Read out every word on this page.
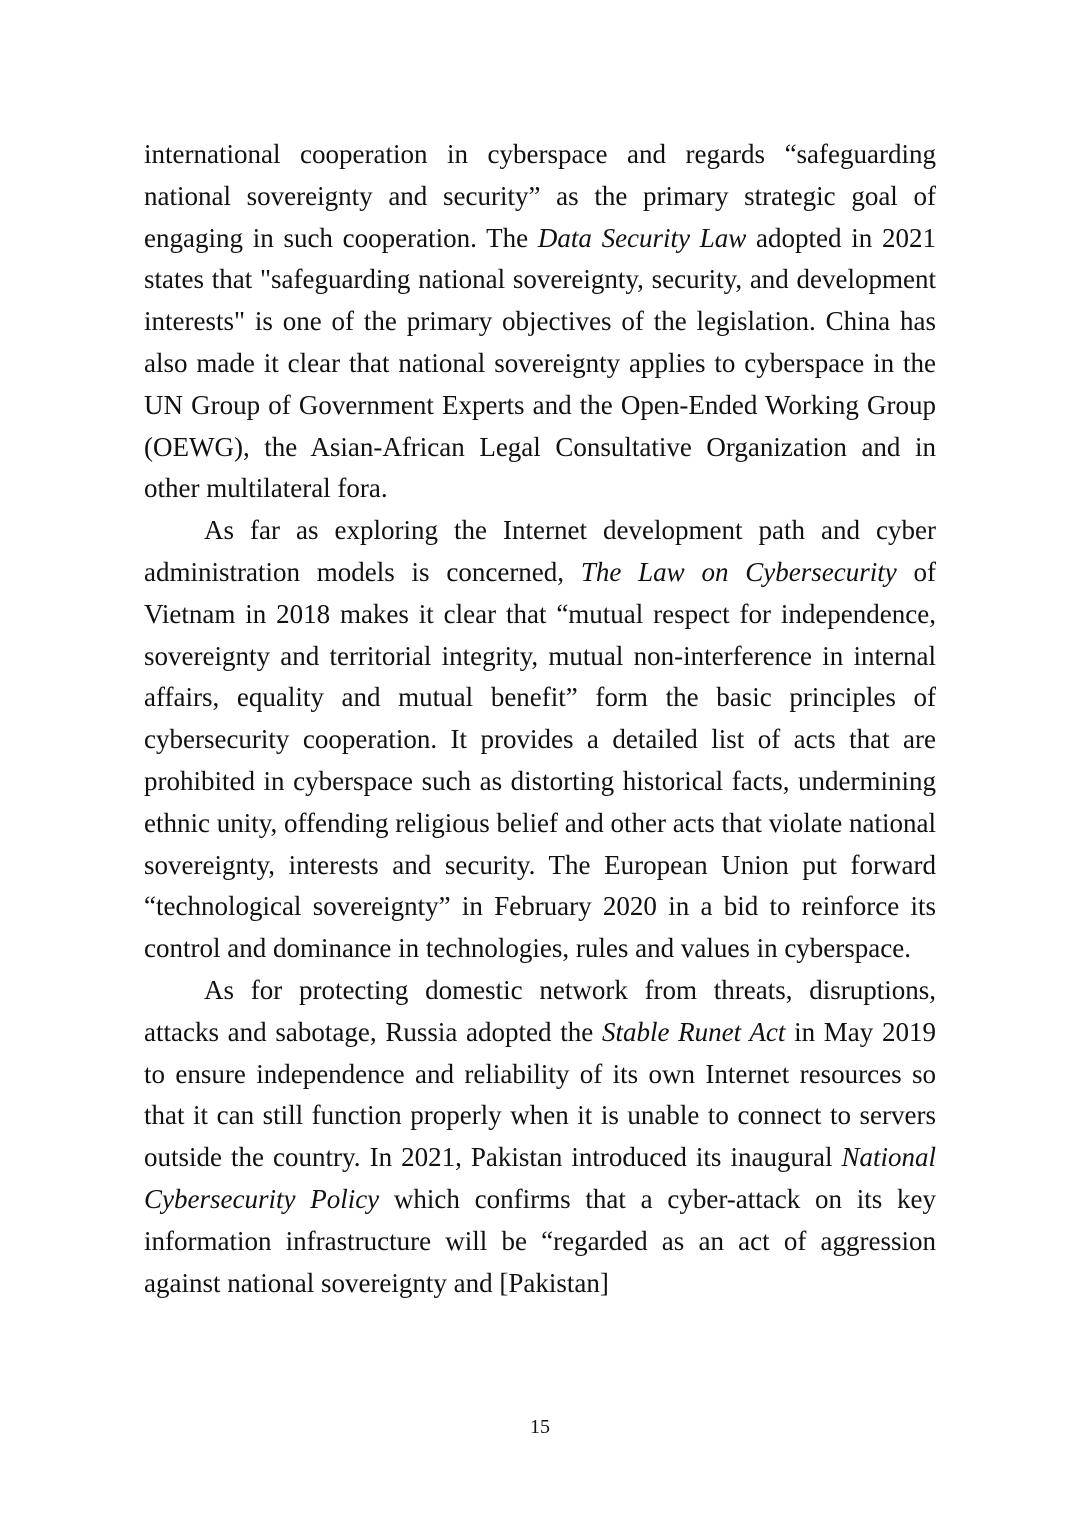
international cooperation in cyberspace and regards “safeguarding national sovereignty and security” as the primary strategic goal of engaging in such cooperation. The Data Security Law adopted in 2021 states that "safeguarding national sovereignty, security, and development interests" is one of the primary objectives of the legislation. China has also made it clear that national sovereignty applies to cyberspace in the UN Group of Government Experts and the Open-Ended Working Group (OEWG), the Asian-African Legal Consultative Organization and in other multilateral fora.

As far as exploring the Internet development path and cyber administration models is concerned, The Law on Cybersecurity of Vietnam in 2018 makes it clear that “mutual respect for independence, sovereignty and territorial integrity, mutual non-interference in internal affairs, equality and mutual benefit” form the basic principles of cybersecurity cooperation. It provides a detailed list of acts that are prohibited in cyberspace such as distorting historical facts, undermining ethnic unity, offending religious belief and other acts that violate national sovereignty, interests and security. The European Union put forward “technological sovereignty” in February 2020 in a bid to reinforce its control and dominance in technologies, rules and values in cyberspace.

As for protecting domestic network from threats, disruptions, attacks and sabotage, Russia adopted the Stable Runet Act in May 2019 to ensure independence and reliability of its own Internet resources so that it can still function properly when it is unable to connect to servers outside the country. In 2021, Pakistan introduced its inaugural National Cybersecurity Policy which confirms that a cyber-attack on its key information infrastructure will be “regarded as an act of aggression against national sovereignty and [Pakistan]

15
